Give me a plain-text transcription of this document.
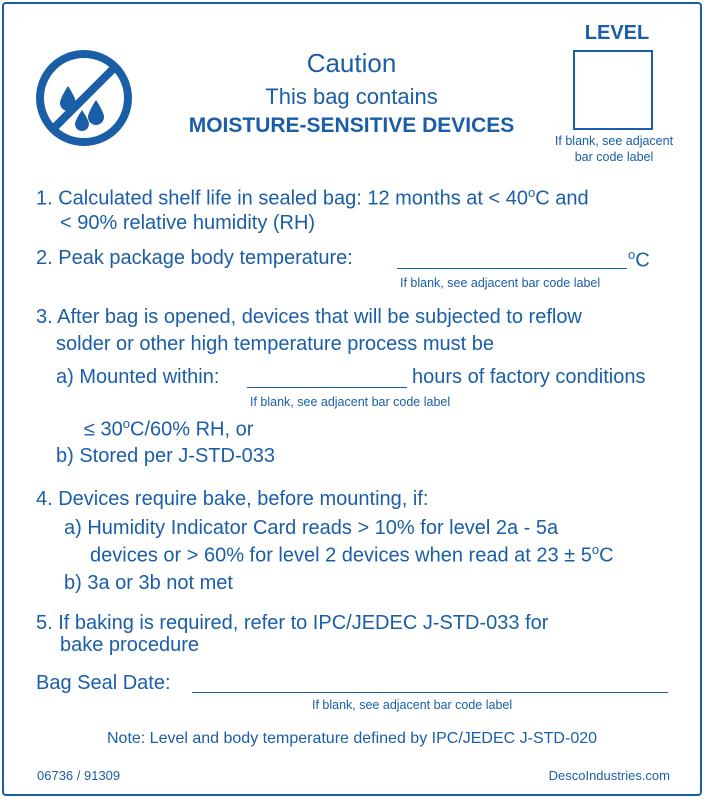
Caution
This bag contains
MOISTURE-SENSITIVE DEVICES
LEVEL
If blank, see adjacent
bar code label
1. Calculated shelf life in sealed bag: 12 months at < $40^oC$ and
< 90% relative humidity (RH)
2. Peak package body temperature:	$^o$C
If blank, see adjacent bar code label
3. After bag is opened, devices that will be subjected to reflow
solder or other high temperature process must be
a) Mounted within:	hours of factory conditions
If blank, see adjacent bar code label
≤ $30^oC/60\%$ RH, or
b) Stored per J-STD-033
4. Devices require bake, before mounting, if:
a) Humidity Indicator Card reads > 10% for level 2a - 5a
devices or > 60% for level 2 devices when read at $23 \pm 5^oC$
b) 3a or 3b not met
5. If baking is required, refer to IPC/JEDEC J-STD-033 for
bake procedure
Bag Seal Date:
If blank, see adjacent bar code label
Note: Level and body temperature defined by IPC/JEDEC J-STD-020
06736 / 91309	DescoIndustries.com
